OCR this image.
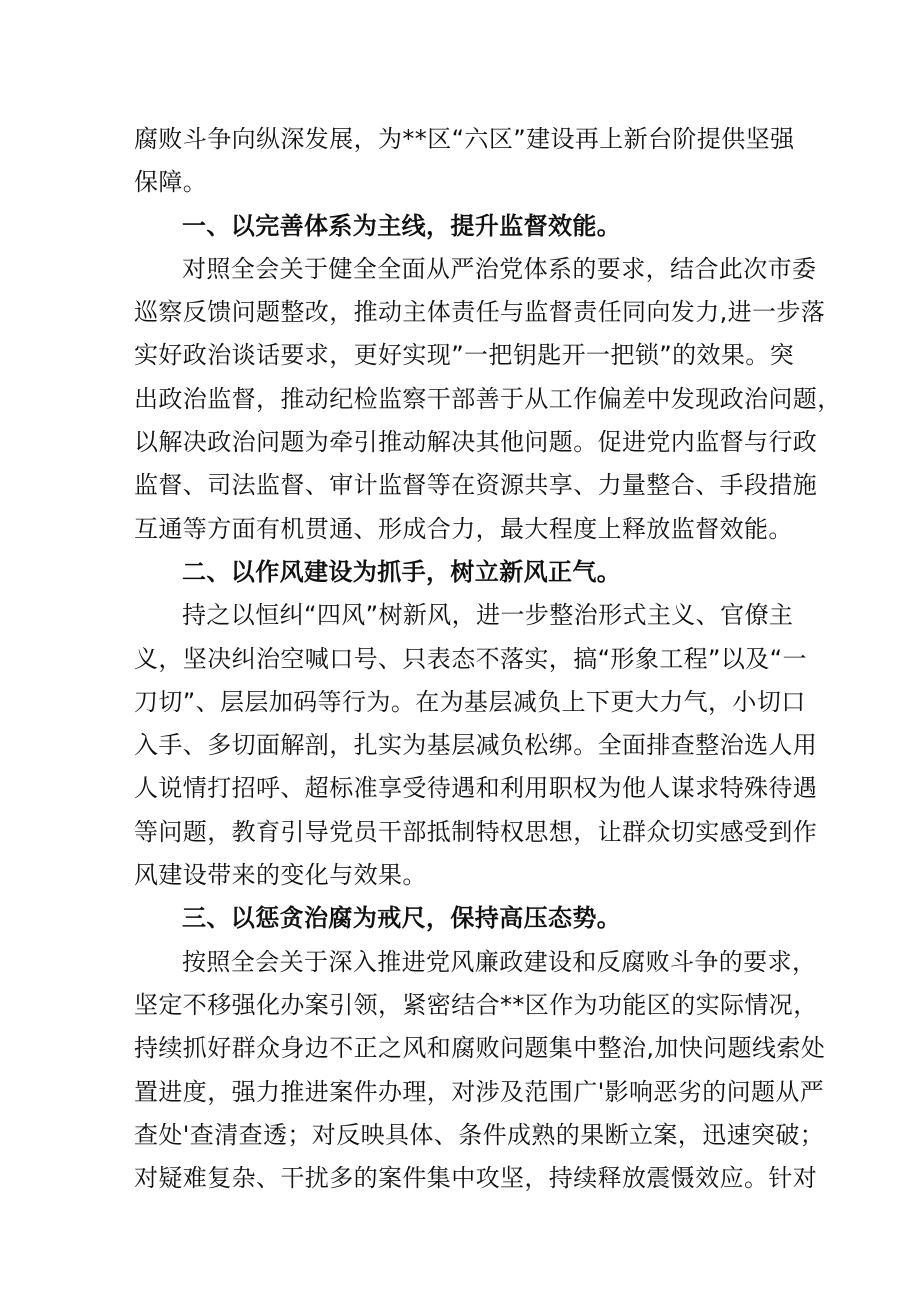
腐败斗争向纵深发展，为**区“六区”建设再上新台阶提供坚强
保障。
一、以完善体系为主线，提升监督效能。
对照全会关于健全全面从严治党体系的要求，结合此次市委
巡察反馈问题整改，推动主体责任与监督责任同向发力,进一步落
实好政治谈话要求，更好实现”一把钥匙开一把锁”的效果。突
出政治监督，推动纪检监察干部善于从工作偏差中发现政治问题，
以解决政治问题为牵引推动解决其他问题。促进党内监督与行政
监督、司法监督、审计监督等在资源共享、力量整合、手段措施
互通等方面有机贯通、形成合力，最大程度上释放监督效能。
二、以作风建设为抓手，树立新风正气。
持之以恒纠“四风”树新风，进一步整治形式主义、官僚主
义，坚决纠治空喊口号、只表态不落实，搞“形象工程”以及“一
刀切”、层层加码等行为。在为基层减负上下更大力气，小切口
入手、多切面解剖，扎实为基层减负松绑。全面排查整治选人用
人说情打招呼、超标准享受待遇和利用职权为他人谋求特殊待遇
等问题，教育引导党员干部抵制特权思想，让群众切实感受到作
风建设带来的变化与效果。
三、以惩贪治腐为戒尺，保持高压态势。
按照全会关于深入推进党风廉政建设和反腐败斗争的要求，
坚定不移强化办案引领，紧密结合**区作为功能区的实际情况，
持续抓好群众身边不正之风和腐败问题集中整治,加快问题线索处
置进度，强力推进案件办理，对涉及范围广'影响恶劣的问题从严
查处'查清查透；对反映具体、条件成熟的果断立案，迅速突破；
对疑难复杂、干扰多的案件集中攻坚，持续释放震慑效应。针对
